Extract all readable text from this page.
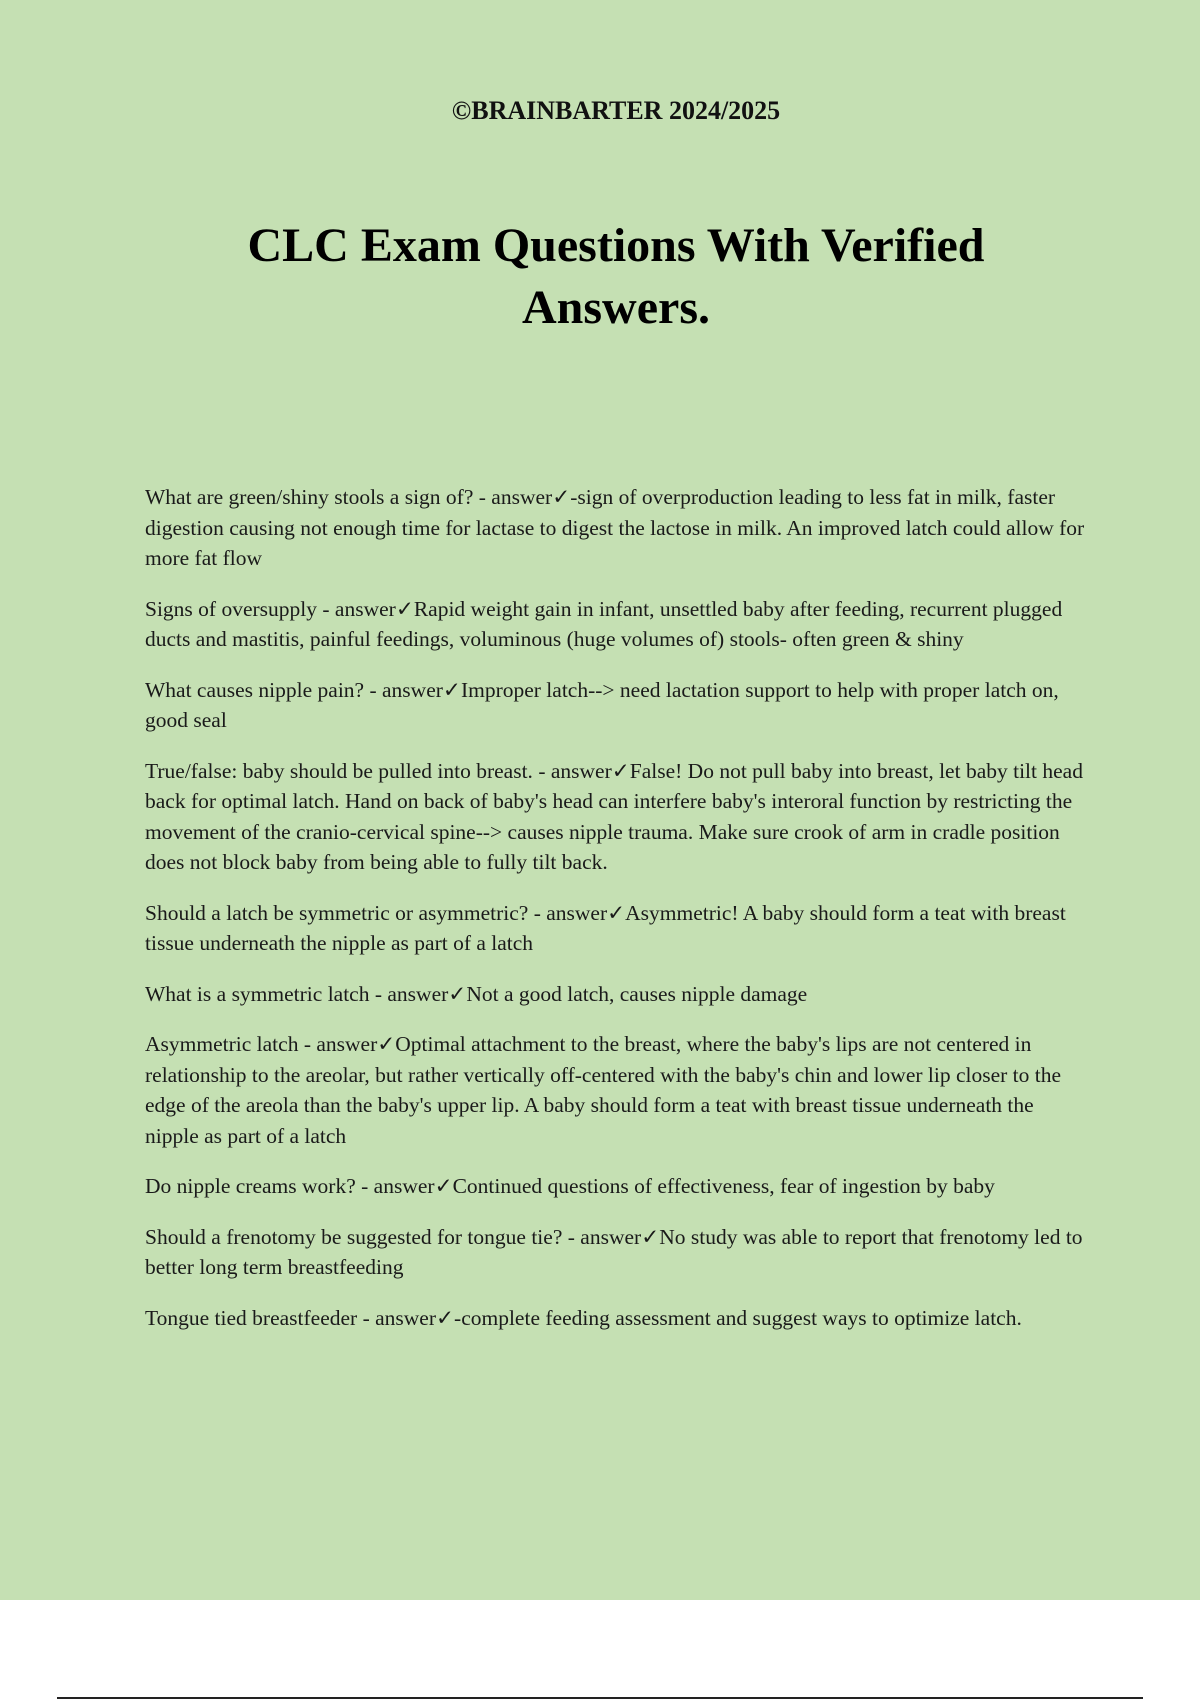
©BRAINBARTER 2024/2025

CLC Exam Questions With Verified Answers.
What are green/shiny stools a sign of? - answer✓-sign of overproduction leading to less fat in milk, faster digestion causing not enough time for lactase to digest the lactose in milk. An improved latch could allow for more fat flow
Signs of oversupply - answer✓Rapid weight gain in infant, unsettled baby after feeding, recurrent plugged ducts and mastitis, painful feedings, voluminous (huge volumes of) stools- often green & shiny
What causes nipple pain? - answer✓Improper latch--> need lactation support to help with proper latch on, good seal
True/false: baby should be pulled into breast. - answer✓False! Do not pull baby into breast, let baby tilt head back for optimal latch. Hand on back of baby's head can interfere baby's interoral function by restricting the movement of the cranio-cervical spine--> causes nipple trauma. Make sure crook of arm in cradle position does not block baby from being able to fully tilt back.
Should a latch be symmetric or asymmetric? - answer✓Asymmetric! A baby should form a teat with breast tissue underneath the nipple as part of a latch
What is a symmetric latch - answer✓Not a good latch, causes nipple damage
Asymmetric latch - answer✓Optimal attachment to the breast, where the baby's lips are not centered in relationship to the areolar, but rather vertically off-centered with the baby's chin and lower lip closer to the edge of the areola than the baby's upper lip. A baby should form a teat with breast tissue underneath the nipple as part of a latch
Do nipple creams work? - answer✓Continued questions of effectiveness, fear of ingestion by baby
Should a frenotomy be suggested for tongue tie? - answer✓No study was able to report that frenotomy led to better long term breastfeeding
Tongue tied breastfeeder - answer✓-complete feeding assessment and suggest ways to optimize latch.
